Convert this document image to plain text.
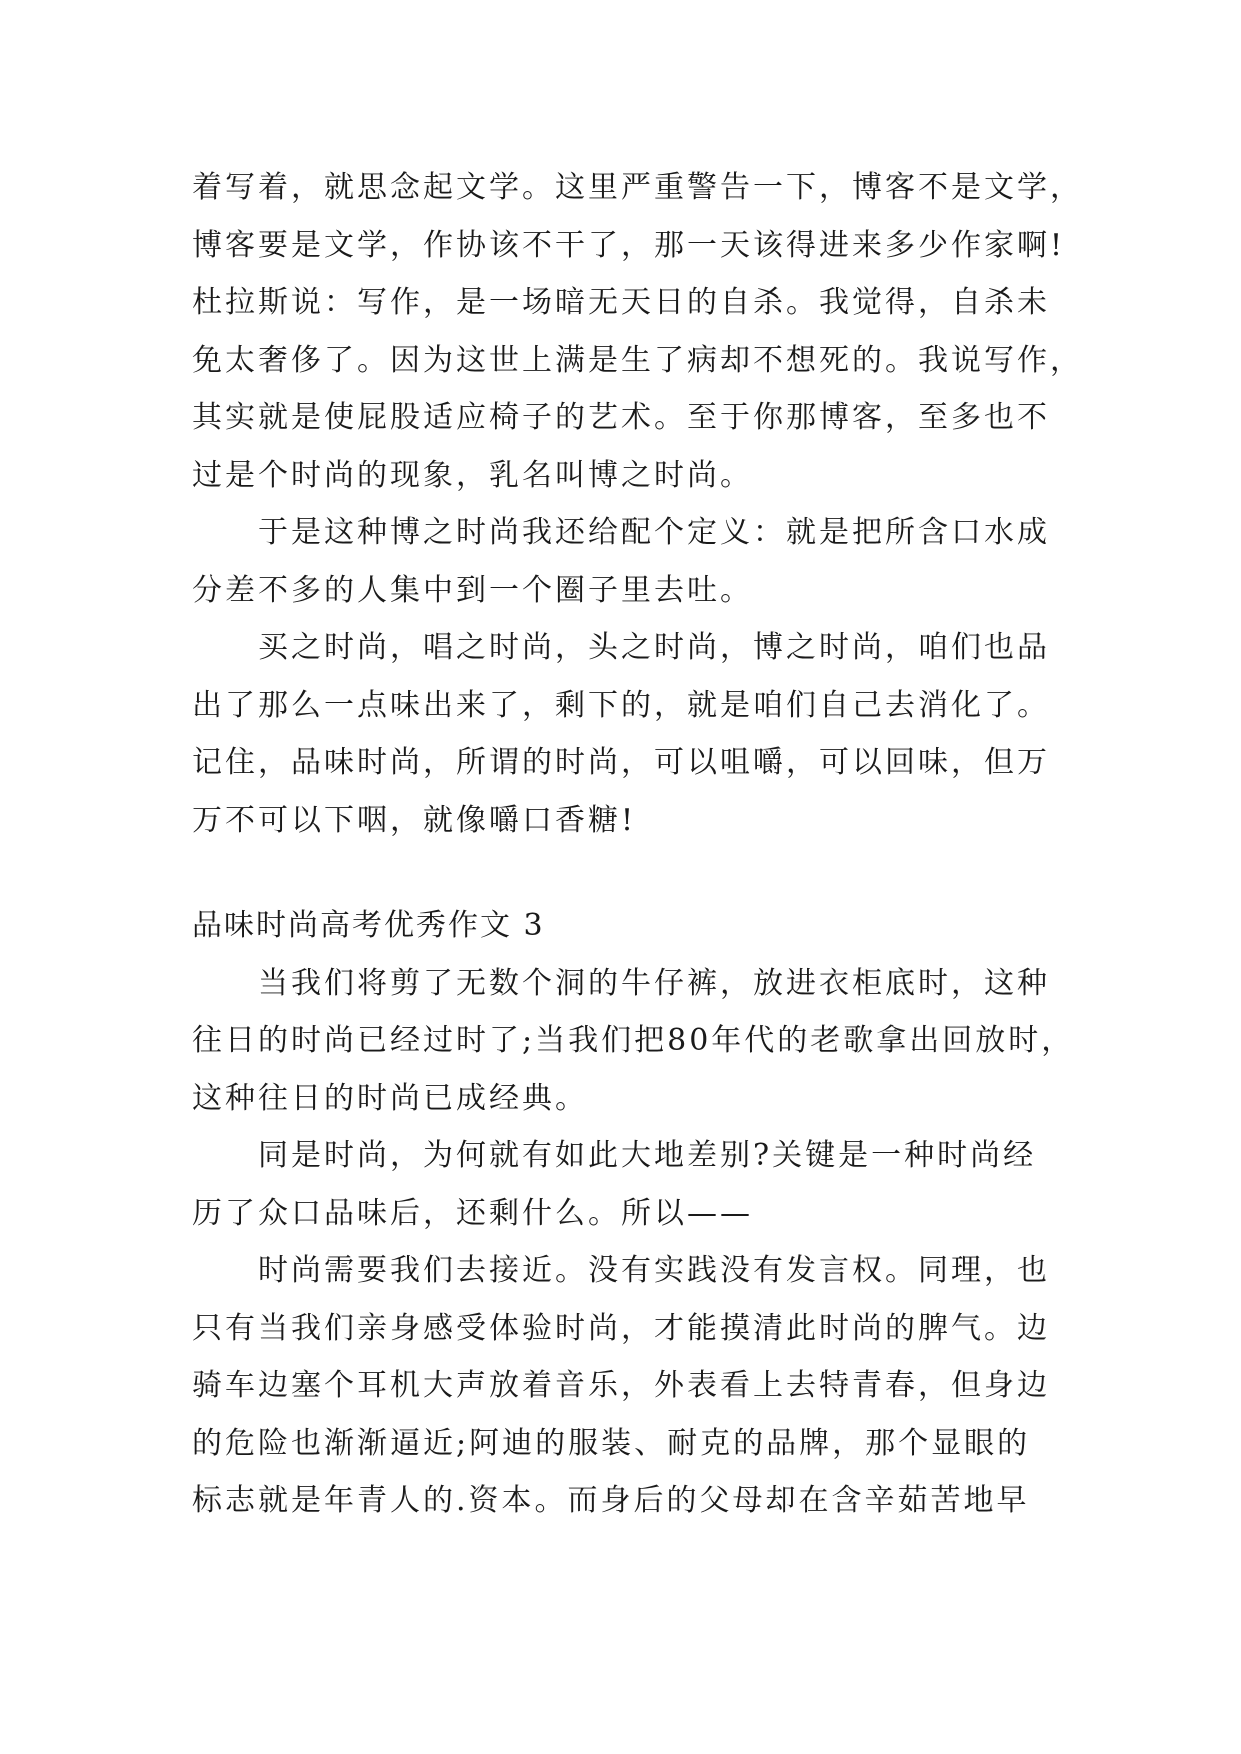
着写着，就思念起文学。这里严重警告一下，博客不是文学，
博客要是文学，作协该不干了，那一天该得进来多少作家啊!
杜拉斯说：写作，是一场暗无天日的自杀。我觉得，自杀未
免太奢侈了。因为这世上满是生了病却不想死的。我说写作，
其实就是使屁股适应椅子的艺术。至于你那博客，至多也不
过是个时尚的现象，乳名叫博之时尚。
于是这种博之时尚我还给配个定义：就是把所含口水成
分差不多的人集中到一个圈子里去吐。
买之时尚，唱之时尚，头之时尚，博之时尚，咱们也品
出了那么一点味出来了，剩下的，就是咱们自己去消化了。
记住，品味时尚，所谓的时尚，可以咀嚼，可以回味，但万
万不可以下咽，就像嚼口香糖!
品味时尚高考优秀作文 3
当我们将剪了无数个洞的牛仔裤，放进衣柜底时，这种
往日的时尚已经过时了;当我们把80年代的老歌拿出回放时，
这种往日的时尚已成经典。
同是时尚，为何就有如此大地差别?关键是一种时尚经
历了众口品味后，还剩什么。所以——
时尚需要我们去接近。没有实践没有发言权。同理，也
只有当我们亲身感受体验时尚，才能摸清此时尚的脾气。边
骑车边塞个耳机大声放着音乐，外表看上去特青春，但身边
的危险也渐渐逼近;阿迪的服装、耐克的品牌，那个显眼的
标志就是年青人的.资本。而身后的父母却在含辛茹苦地早
